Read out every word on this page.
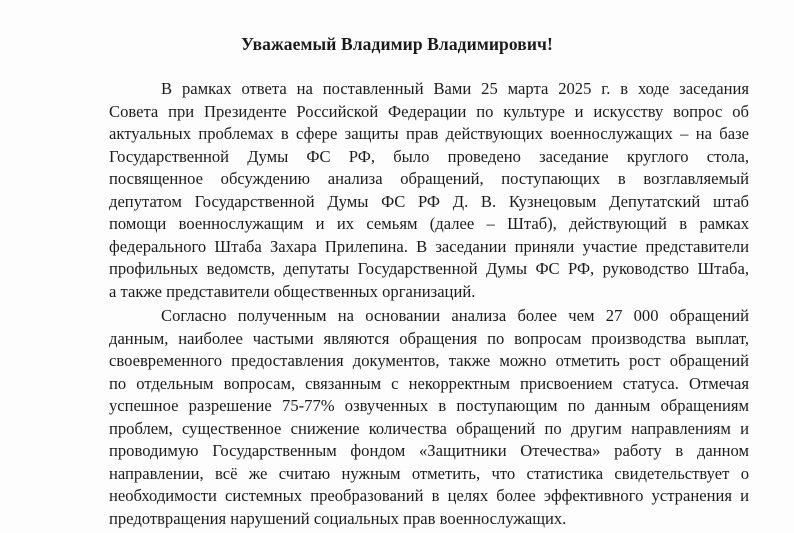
Уважаемый Владимир Владимирович!
В рамках ответа на поставленный Вами 25 марта 2025 г. в ходе заседания
Совета при Президенте Российской Федерации по культуре и искусству вопрос об
актуальных проблемах в сфере защиты прав действующих военнослужащих – на базе
Государственной Думы ФС РФ, было проведено заседание круглого стола,
посвященное обсуждению анализа обращений, поступающих в возглавляемый
депутатом Государственной Думы ФС РФ Д. В. Кузнецовым Депутатский штаб
помощи военнослужащим и их семьям (далее – Штаб), действующий в рамках
федерального Штаба Захара Прилепина. В заседании приняли участие представители
профильных ведомств, депутаты Государственной Думы ФС РФ, руководство Штаба,
а также представители общественных организаций.
Согласно полученным на основании анализа более чем 27 000 обращений
данным, наиболее частыми являются обращения по вопросам производства выплат,
своевременного предоставления документов, также можно отметить рост обращений
по отдельным вопросам, связанным с некорректным присвоением статуса. Отмечая
успешное разрешение 75-77% озвученных в поступающим по данным обращениям
проблем, существенное снижение количества обращений по другим направлениям и
проводимую Государственным фондом «Защитники Отечества» работу в данном
направлении, всё же считаю нужным отметить, что статистика свидетельствует о
необходимости системных преобразований в целях более эффективного устранения и
предотвращения нарушений социальных прав военнослужащих.
